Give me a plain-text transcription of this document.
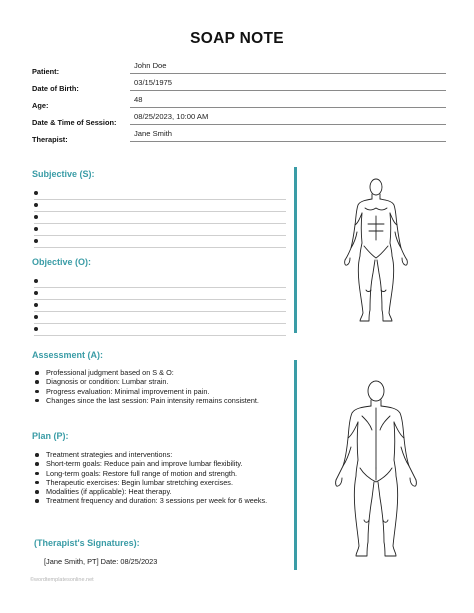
SOAP NOTE
Patient:
John Doe
Date of Birth:
03/15/1975
Age:
48
Date & Time of Session:
08/25/2023, 10:00 AM
Therapist:
Jane Smith
Subjective (S):
Objective (O):
Assessment (A):
Professional judgment based on S & O:
Diagnosis or condition: Lumbar strain.
Progress evaluation: Minimal improvement in pain.
Changes since the last session: Pain intensity remains consistent.
Plan (P):
Treatment strategies and interventions:
Short-term goals: Reduce pain and improve lumbar flexibility.
Long-term goals: Restore full range of motion and strength.
Therapeutic exercises: Begin lumbar stretching exercises.
Modalities (if applicable): Heat therapy.
Treatment frequency and duration: 3 sessions per week for 6 weeks.
(Therapist's Signatures):
[Jane Smith, PT] Date: 08/25/2023
©wordtemplatesonline.net
